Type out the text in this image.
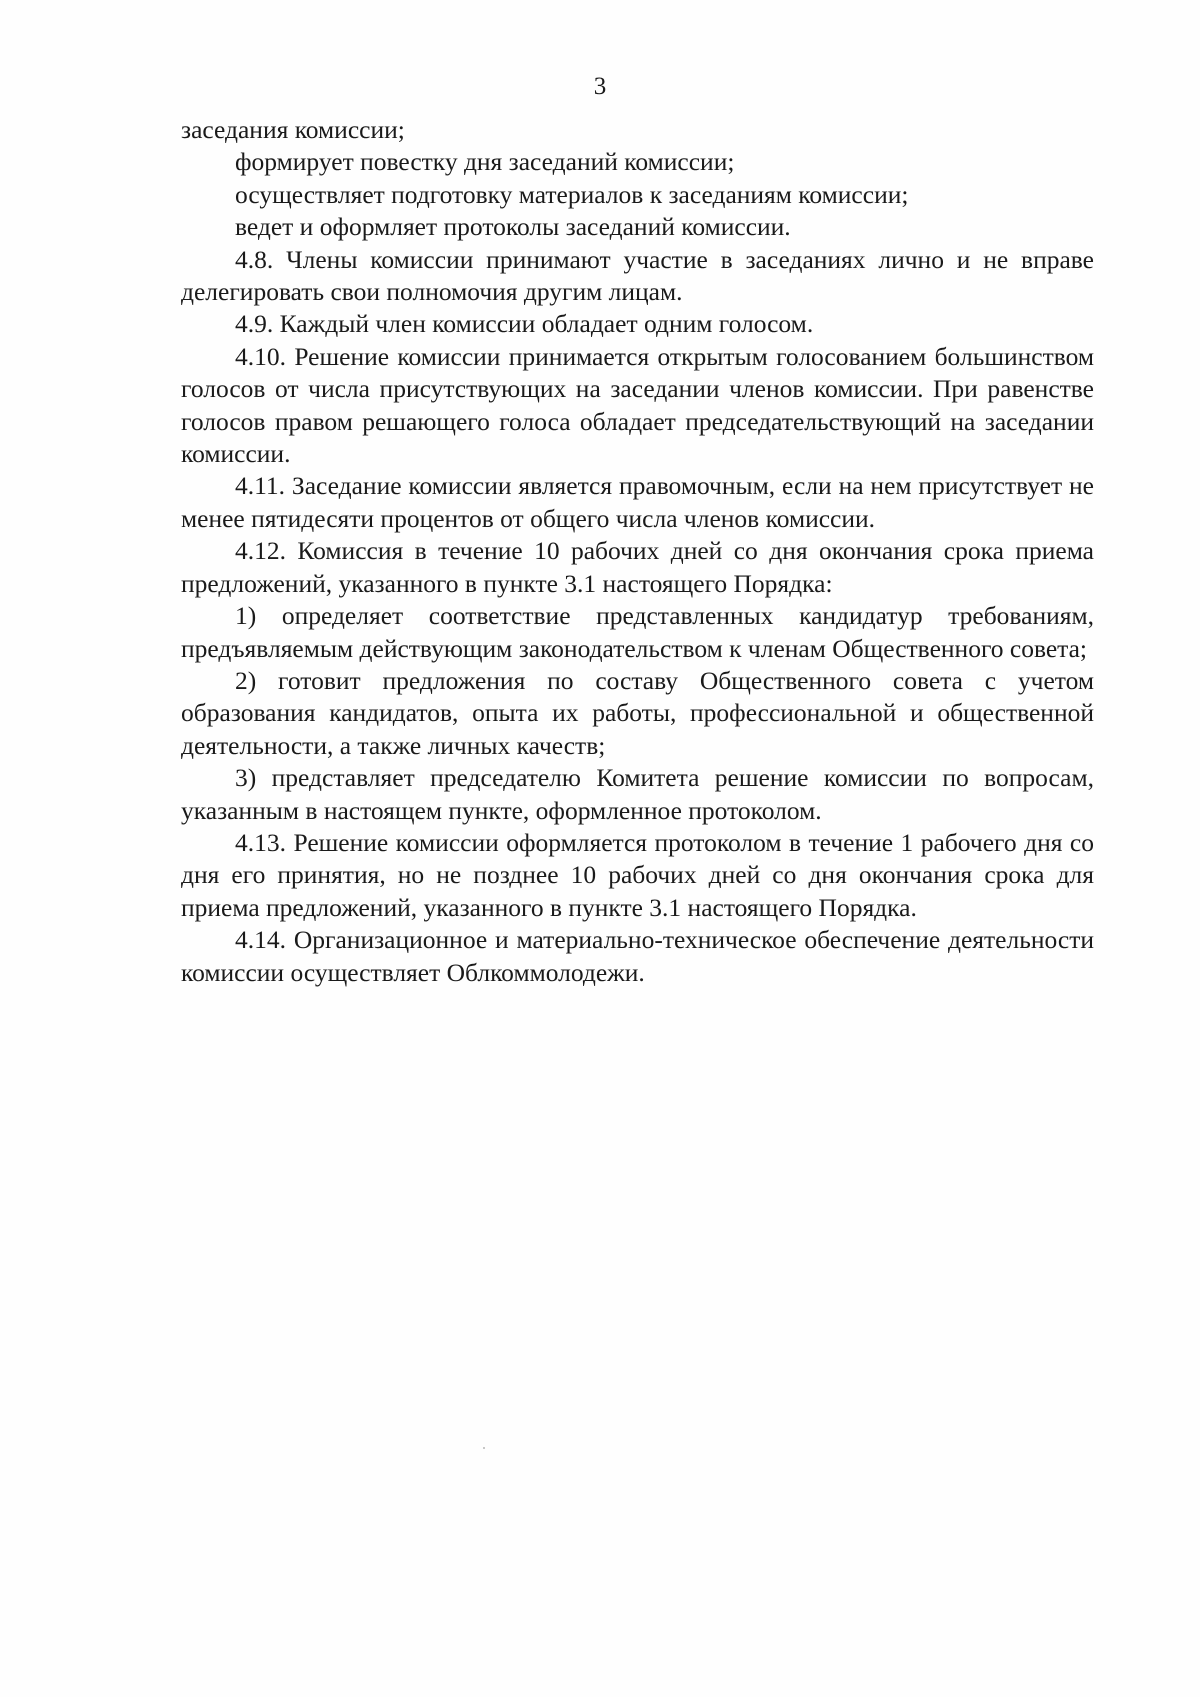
3

заседания комиссии;

формирует повестку дня заседаний комиссии;

осуществляет подготовку материалов к заседаниям комиссии;

ведет и оформляет протоколы заседаний комиссии.

4.8. Члены комиссии принимают участие в заседаниях лично и не вправе делегировать свои полномочия другим лицам.

4.9. Каждый член комиссии обладает одним голосом.

4.10. Решение комиссии принимается открытым голосованием большинством голосов от числа присутствующих на заседании членов комиссии. При равенстве голосов правом решающего голоса обладает председательствующий на заседании комиссии.

4.11. Заседание комиссии является правомочным, если на нем присутствует не менее пятидесяти процентов от общего числа членов комиссии.

4.12. Комиссия в течение 10 рабочих дней со дня окончания срока приема предложений, указанного в пункте 3.1 настоящего Порядка:

1) определяет соответствие представленных кандидатур требованиям, предъявляемым действующим законодательством к членам Общественного совета;

2) готовит предложения по составу Общественного совета с учетом образования кандидатов, опыта их работы, профессиональной и общественной деятельности, а также личных качеств;

3) представляет председателю Комитета решение комиссии по вопросам, указанным в настоящем пункте, оформленное протоколом.

4.13. Решение комиссии оформляется протоколом в течение 1 рабочего дня со дня его принятия, но не позднее 10 рабочих дней со дня окончания срока для приема предложений, указанного в пункте 3.1 настоящего Порядка.

4.14. Организационное и материально-техническое обеспечение деятельности комиссии осуществляет Облкоммолодежи.
